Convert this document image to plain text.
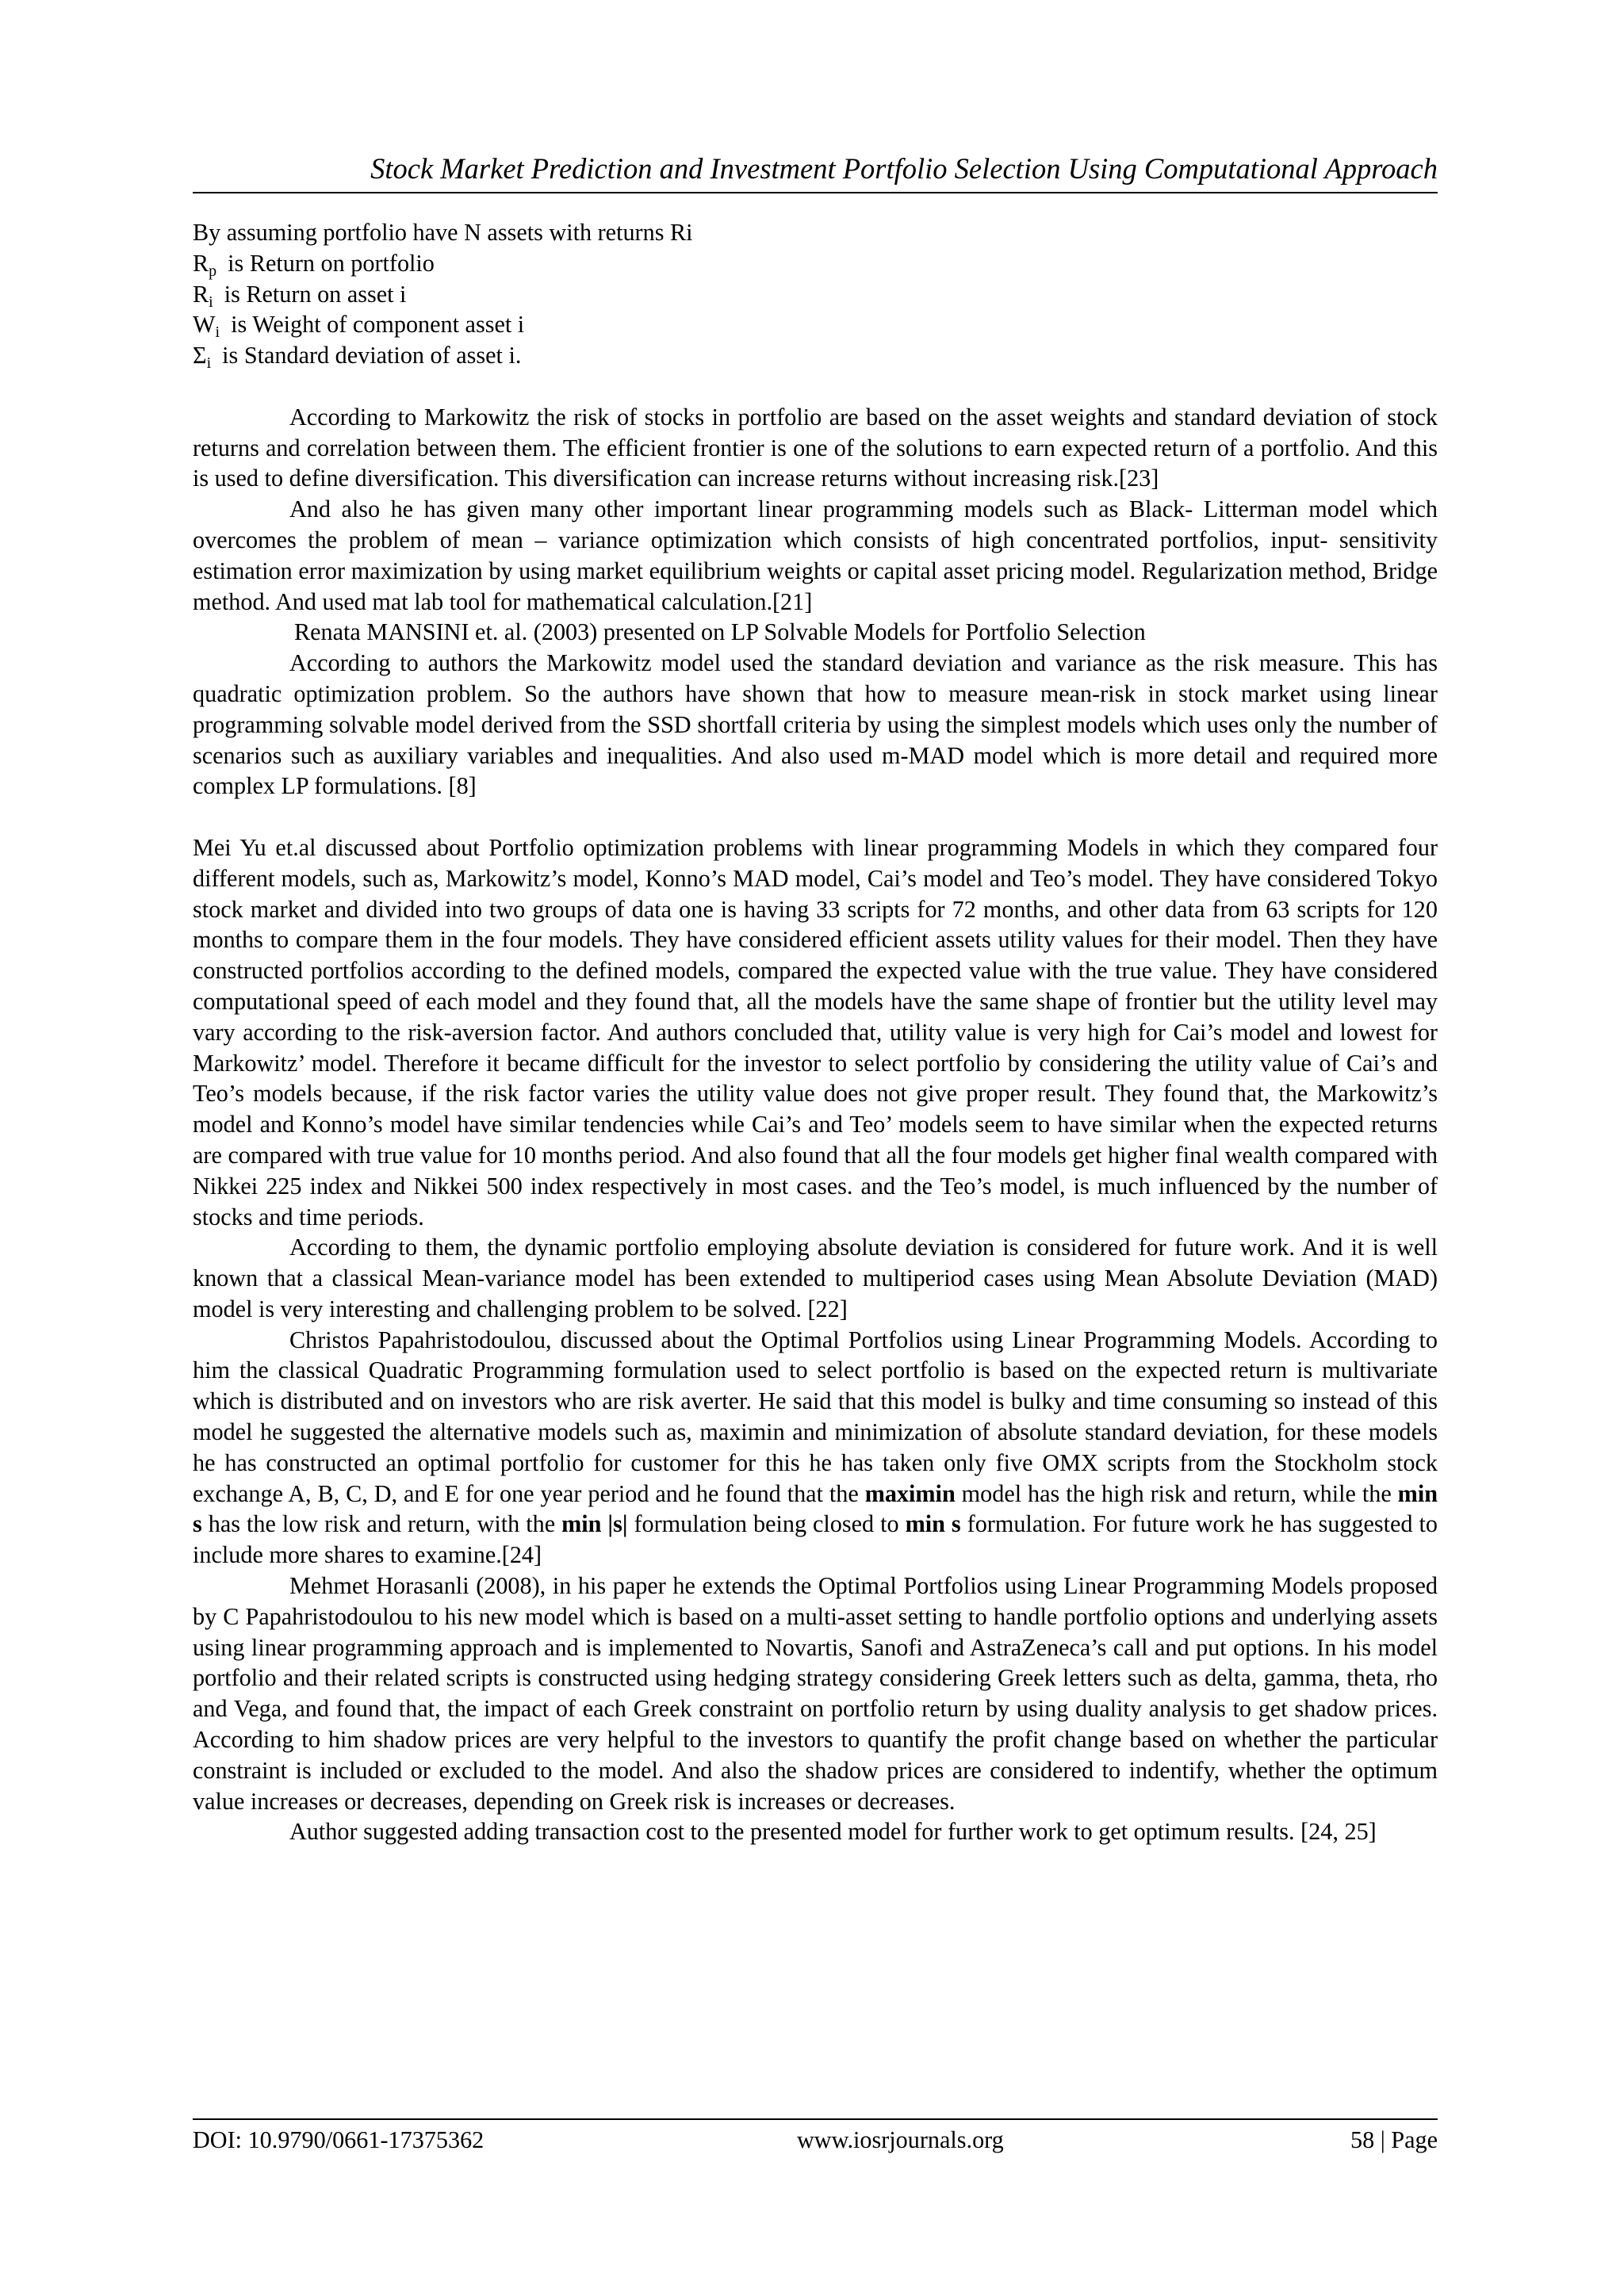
Stock Market Prediction and Investment Portfolio Selection Using Computational Approach

By assuming portfolio have N assets with returns Ri

$R_p$ is Return on portfolio

$R_i$ is Return on asset i

$W_i$ is Weight of component asset i

$\Sigma_i$ is Standard deviation of asset i.

According to Markowitz the risk of stocks in portfolio are based on the asset weights and standard deviation of stock returns and correlation between them. The efficient frontier is one of the solutions to earn expected return of a portfolio. And this is used to define diversification. This diversification can increase returns without increasing risk.[23]

And also he has given many other important linear programming models such as Black- Litterman model which overcomes the problem of mean – variance optimization which consists of high concentrated portfolios, input- sensitivity estimation error maximization by using market equilibrium weights or capital asset pricing model. Regularization method, Bridge method. And used mat lab tool for mathematical calculation.[21]

Renata MANSINI et. al. (2003) presented on LP Solvable Models for Portfolio Selection

According to authors the Markowitz model used the standard deviation and variance as the risk measure. This has quadratic optimization problem. So the authors have shown that how to measure mean-risk in stock market using linear programming solvable model derived from the SSD shortfall criteria by using the simplest models which uses only the number of scenarios such as auxiliary variables and inequalities. And also used m-MAD model which is more detail and required more complex LP formulations. [8]

Mei Yu et.al discussed about Portfolio optimization problems with linear programming Models in which they compared four different models, such as, Markowitz’s model, Konno’s MAD model, Cai’s model and Teo’s model. They have considered Tokyo stock market and divided into two groups of data one is having 33 scripts for 72 months, and other data from 63 scripts for 120 months to compare them in the four models. They have considered efficient assets utility values for their model. Then they have constructed portfolios according to the defined models, compared the expected value with the true value. They have considered computational speed of each model and they found that, all the models have the same shape of frontier but the utility level may vary according to the risk-aversion factor. And authors concluded that, utility value is very high for Cai’s model and lowest for Markowitz’ model. Therefore it became difficult for the investor to select portfolio by considering the utility value of Cai’s and Teo’s models because, if the risk factor varies the utility value does not give proper result. They found that, the Markowitz’s model and Konno’s model have similar tendencies while Cai’s and Teo’ models seem to have similar when the expected returns are compared with true value for 10 months period. And also found that all the four models get higher final wealth compared with Nikkei 225 index and Nikkei 500 index respectively in most cases. and the Teo’s model, is much influenced by the number of stocks and time periods.

According to them, the dynamic portfolio employing absolute deviation is considered for future work. And it is well known that a classical Mean-variance model has been extended to multiperiod cases using Mean Absolute Deviation (MAD) model is very interesting and challenging problem to be solved. [22]

Christos Papahristodoulou, discussed about the Optimal Portfolios using Linear Programming Models. According to him the classical Quadratic Programming formulation used to select portfolio is based on the expected return is multivariate which is distributed and on investors who are risk averter. He said that this model is bulky and time consuming so instead of this model he suggested the alternative models such as, maximin and minimization of absolute standard deviation, for these models he has constructed an optimal portfolio for customer for this he has taken only five OMX scripts from the Stockholm stock exchange A, B, C, D, and E for one year period and he found that the maximin model has the high risk and return, while the min s has the low risk and return, with the min |s| formulation being closed to min s formulation. For future work he has suggested to include more shares to examine.[24]

Mehmet Horasanli (2008), in his paper he extends the Optimal Portfolios using Linear Programming Models proposed by C Papahristodoulou to his new model which is based on a multi-asset setting to handle portfolio options and underlying assets using linear programming approach and is implemented to Novartis, Sanofi and AstraZeneca’s call and put options. In his model portfolio and their related scripts is constructed using hedging strategy considering Greek letters such as delta, gamma, theta, rho and Vega, and found that, the impact of each Greek constraint on portfolio return by using duality analysis to get shadow prices. According to him shadow prices are very helpful to the investors to quantify the profit change based on whether the particular constraint is included or excluded to the model. And also the shadow prices are considered to indentify, whether the optimum value increases or decreases, depending on Greek risk is increases or decreases.

Author suggested adding transaction cost to the presented model for further work to get optimum results. [24, 25]

DOI: 10.9790/0661-17375362	www.iosrjournals.org	58 | Page
